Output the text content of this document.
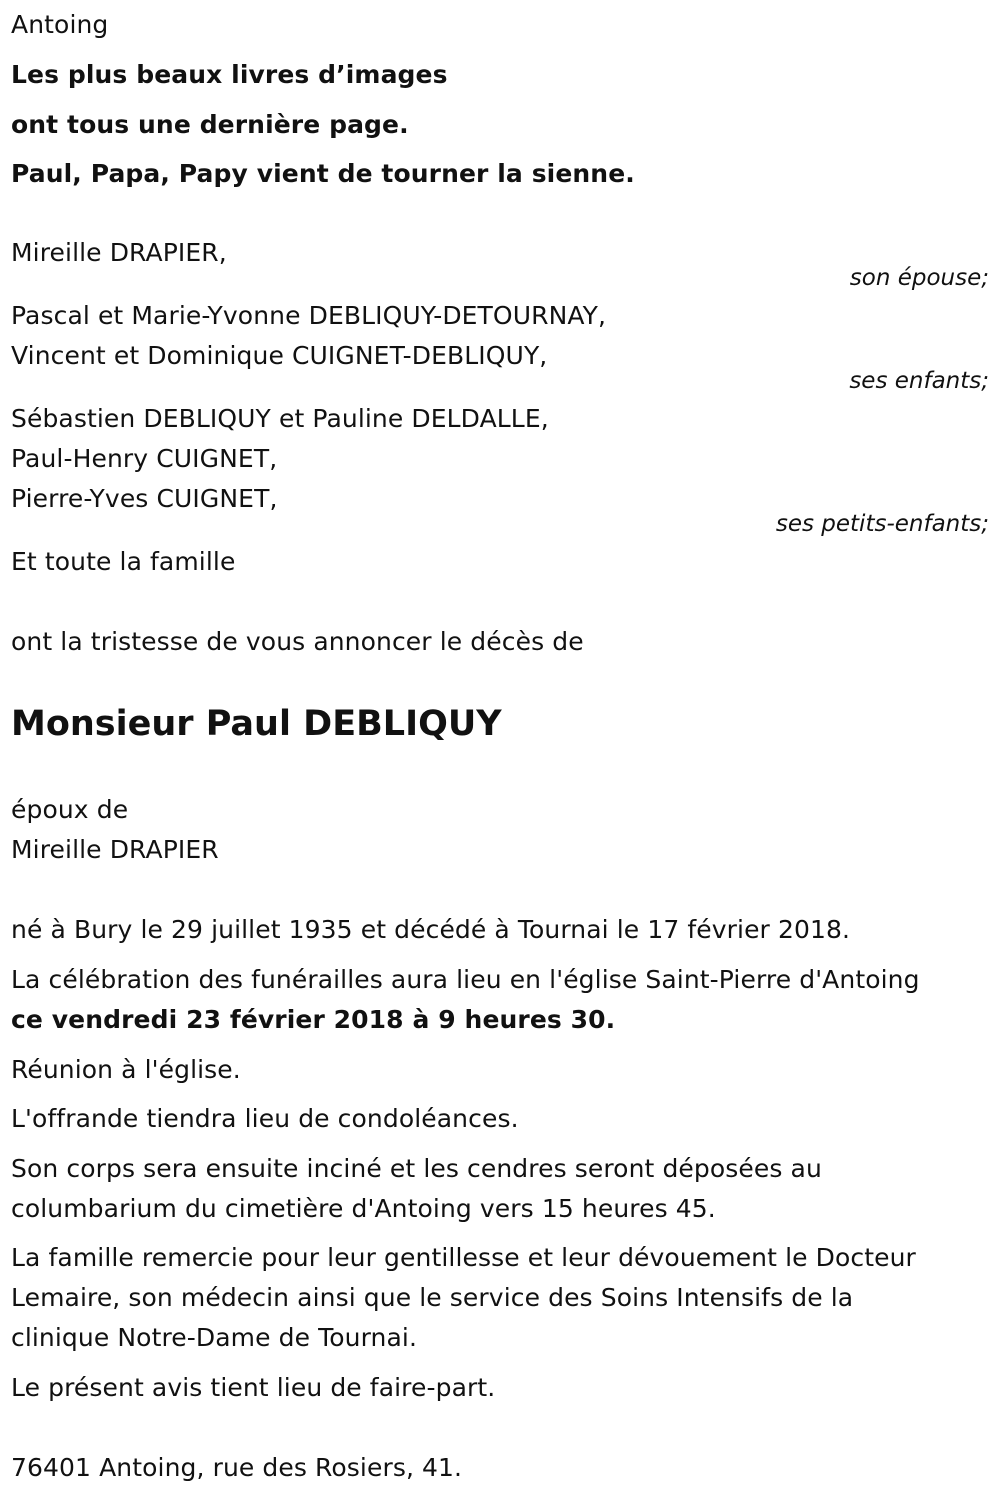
Antoing
Les plus beaux livres d’images
ont tous une dernière page.
Paul, Papa, Papy vient de tourner la sienne.
Mireille DRAPIER,
son épouse;
Pascal et Marie-Yvonne DEBLIQUY-DETOURNAY,
Vincent et Dominique CUIGNET-DEBLIQUY,
ses enfants;
Sébastien DEBLIQUY et Pauline DELDALLE,
Paul-Henry CUIGNET,
Pierre-Yves CUIGNET,
ses petits-enfants;
Et toute la famille
ont la tristesse de vous annoncer le décès de
Monsieur Paul DEBLIQUY
époux de
Mireille DRAPIER
né à Bury le 29 juillet 1935 et décédé à Tournai le 17 février 2018.
La célébration des funérailles aura lieu en l'église Saint-Pierre d'Antoing
ce vendredi 23 février 2018 à 9 heures 30.
Réunion à l'église.
L'offrande tiendra lieu de condoléances.
Son corps sera ensuite inciné et les cendres seront déposées au
columbarium du cimetière d'Antoing vers 15 heures 45.
La famille remercie pour leur gentillesse et leur dévouement le Docteur
Lemaire, son médecin ainsi que le service des Soins Intensifs de la
clinique Notre-Dame de Tournai.
Le présent avis tient lieu de faire-part.
76401 Antoing, rue des Rosiers, 41.
